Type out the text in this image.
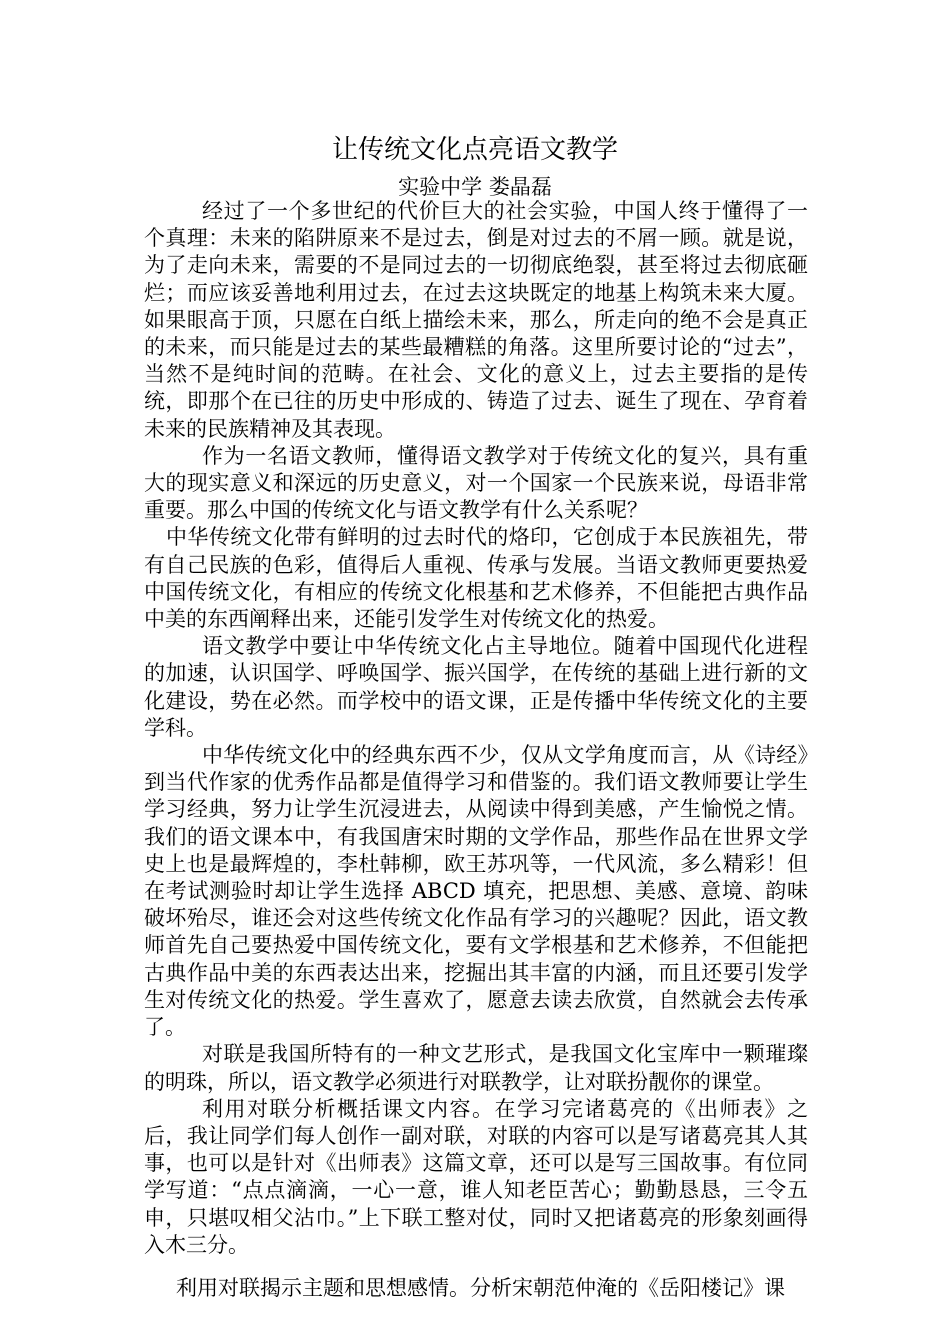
让传统文化点亮语文教学
实验中学 娄晶磊

经过了一个多世纪的代价巨大的社会实验，中国人终于懂得了一个真理：未来的陷阱原来不是过去，倒是对过去的不屑一顾。就是说，为了走向未来，需要的不是同过去的一切彻底绝裂，甚至将过去彻底砸烂；而应该妥善地利用过去，在过去这块既定的地基上构筑未来大厦。如果眼高于顶，只愿在白纸上描绘未来，那么，所走向的绝不会是真正的未来，而只能是过去的某些最糟糕的角落。这里所要讨论的“过去”，当然不是纯时间的范畴。在社会、文化的意义上，过去主要指的是传统，即那个在已往的历史中形成的、铸造了过去、诞生了现在、孕育着未来的民族精神及其表现。

作为一名语文教师，懂得语文教学对于传统文化的复兴，具有重大的现实意义和深远的历史意义，对一个国家一个民族来说，母语非常重要。那么中国的传统文化与语文教学有什么关系呢？

中华传统文化带有鲜明的过去时代的烙印，它创成于本民族祖先，带有自己民族的色彩，值得后人重视、传承与发展。当语文教师更要热爱中国传统文化，有相应的传统文化根基和艺术修养，不但能把古典作品中美的东西阐释出来，还能引发学生对传统文化的热爱。

语文教学中要让中华传统文化占主导地位。随着中国现代化进程的加速，认识国学、呼唤国学、振兴国学，在传统的基础上进行新的文化建设，势在必然。而学校中的语文课，正是传播中华传统文化的主要学科。

中华传统文化中的经典东西不少，仅从文学角度而言，从《诗经》到当代作家的优秀作品都是值得学习和借鉴的。我们语文教师要让学生学习经典，努力让学生沉浸进去，从阅读中得到美感，产生愉悦之情。我们的语文课本中，有我国唐宋时期的文学作品，那些作品在世界文学史上也是最辉煌的，李杜韩柳，欧王苏巩等，一代风流，多么精彩！但在考试测验时却让学生选择 ABCD 填充，把思想、美感、意境、韵味破坏殆尽，谁还会对这些传统文化作品有学习的兴趣呢？因此，语文教师首先自己要热爱中国传统文化，要有文学根基和艺术修养，不但能把古典作品中美的东西表达出来，挖掘出其丰富的内涵，而且还要引发学生对传统文化的热爱。学生喜欢了，愿意去读去欣赏，自然就会去传承了。

对联是我国所特有的一种文艺形式，是我国文化宝库中一颗璀璨的明珠，所以，语文教学必须进行对联教学，让对联扮靓你的课堂。

利用对联分析概括课文内容。在学习完诸葛亮的《出师表》之后，我让同学们每人创作一副对联，对联的内容可以是写诸葛亮其人其事，也可以是针对《出师表》这篇文章，还可以是写三国故事。有位同学写道：“点点滴滴，一心一意，谁人知老臣苦心；勤勤恳恳，三令五申，只堪叹相父沾巾。”上下联工整对仗，同时又把诸葛亮的形象刻画得入木三分。

利用对联揭示主题和思想感情。分析宋朝范仲淹的《岳阳楼记》课
